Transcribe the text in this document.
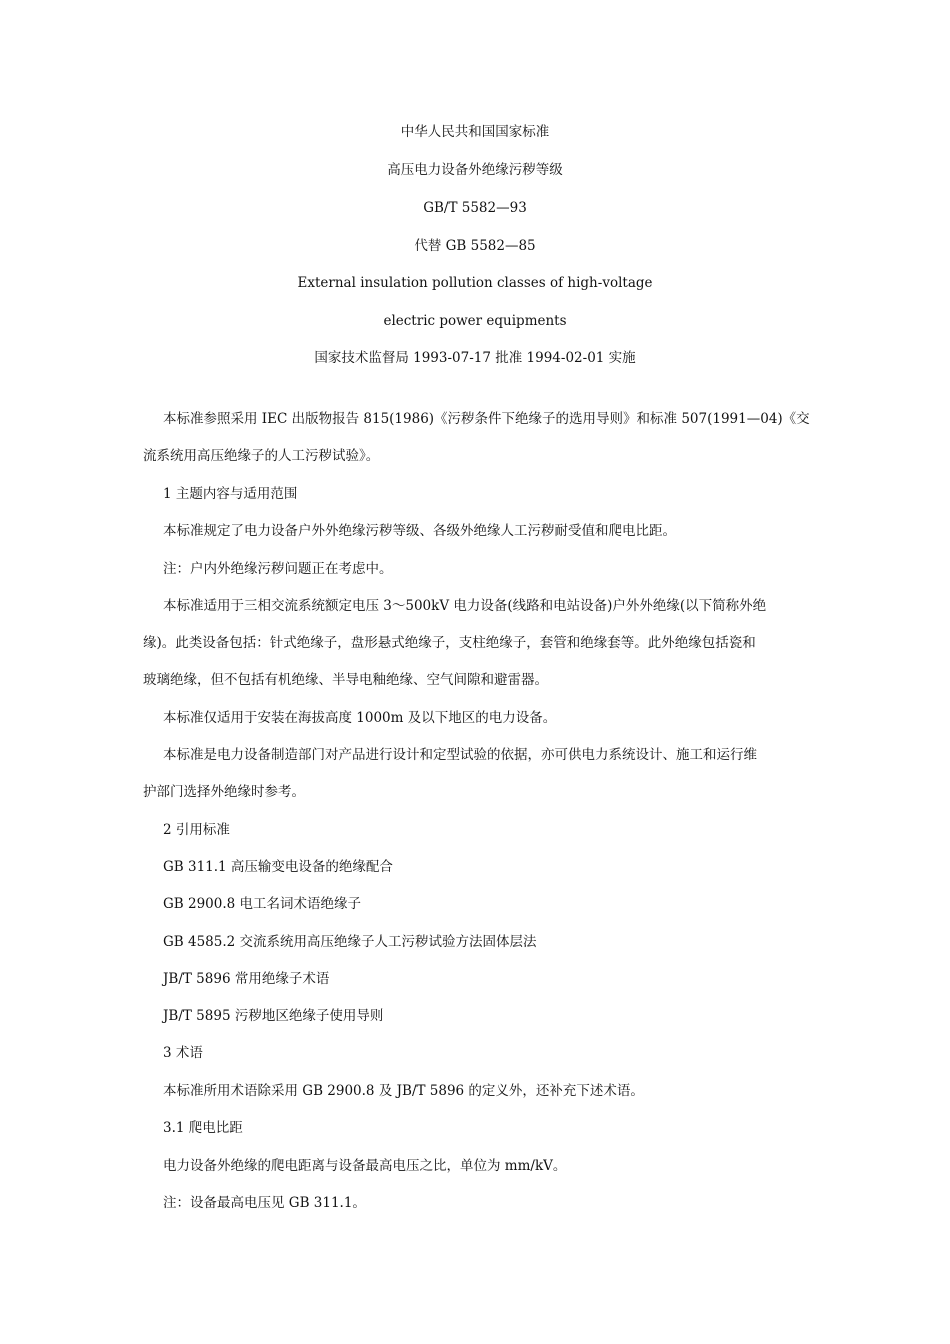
中华人民共和国国家标准
高压电力设备外绝缘污秽等级
GB/T 5582—93
代替 GB 5582—85
External insulation pollution classes of high-voltage
electric power equipments
国家技术监督局 1993-07-17 批准 1994-02-01 实施
本标准参照采用 IEC 出版物报告 815(1986)《污秽条件下绝缘子的选用导则》和标准 507(1991—04)《交
流系统用高压绝缘子的人工污秽试验》。
1 主题内容与适用范围
本标准规定了电力设备户外外绝缘污秽等级、各级外绝缘人工污秽耐受值和爬电比距。
注：户内外绝缘污秽问题正在考虑中。
本标准适用于三相交流系统额定电压 3～500kV 电力设备(线路和电站设备)户外外绝缘(以下简称外绝
缘)。此类设备包括：针式绝缘子，盘形悬式绝缘子，支柱绝缘子，套管和绝缘套等。此外绝缘包括瓷和
玻璃绝缘，但不包括有机绝缘、半导电釉绝缘、空气间隙和避雷器。
本标准仅适用于安装在海拔高度 1000m 及以下地区的电力设备。
本标准是电力设备制造部门对产品进行设计和定型试验的依据，亦可供电力系统设计、施工和运行维
护部门选择外绝缘时参考。
2 引用标准
GB 311.1 高压输变电设备的绝缘配合
GB 2900.8 电工名词术语绝缘子
GB 4585.2 交流系统用高压绝缘子人工污秽试验方法固体层法
JB/T 5896 常用绝缘子术语
JB/T 5895 污秽地区绝缘子使用导则
3 术语
本标准所用术语除采用 GB 2900.8 及 JB/T 5896 的定义外，还补充下述术语。
3.1 爬电比距
电力设备外绝缘的爬电距离与设备最高电压之比，单位为 mm/kV。
注：设备最高电压见 GB 311.1。
